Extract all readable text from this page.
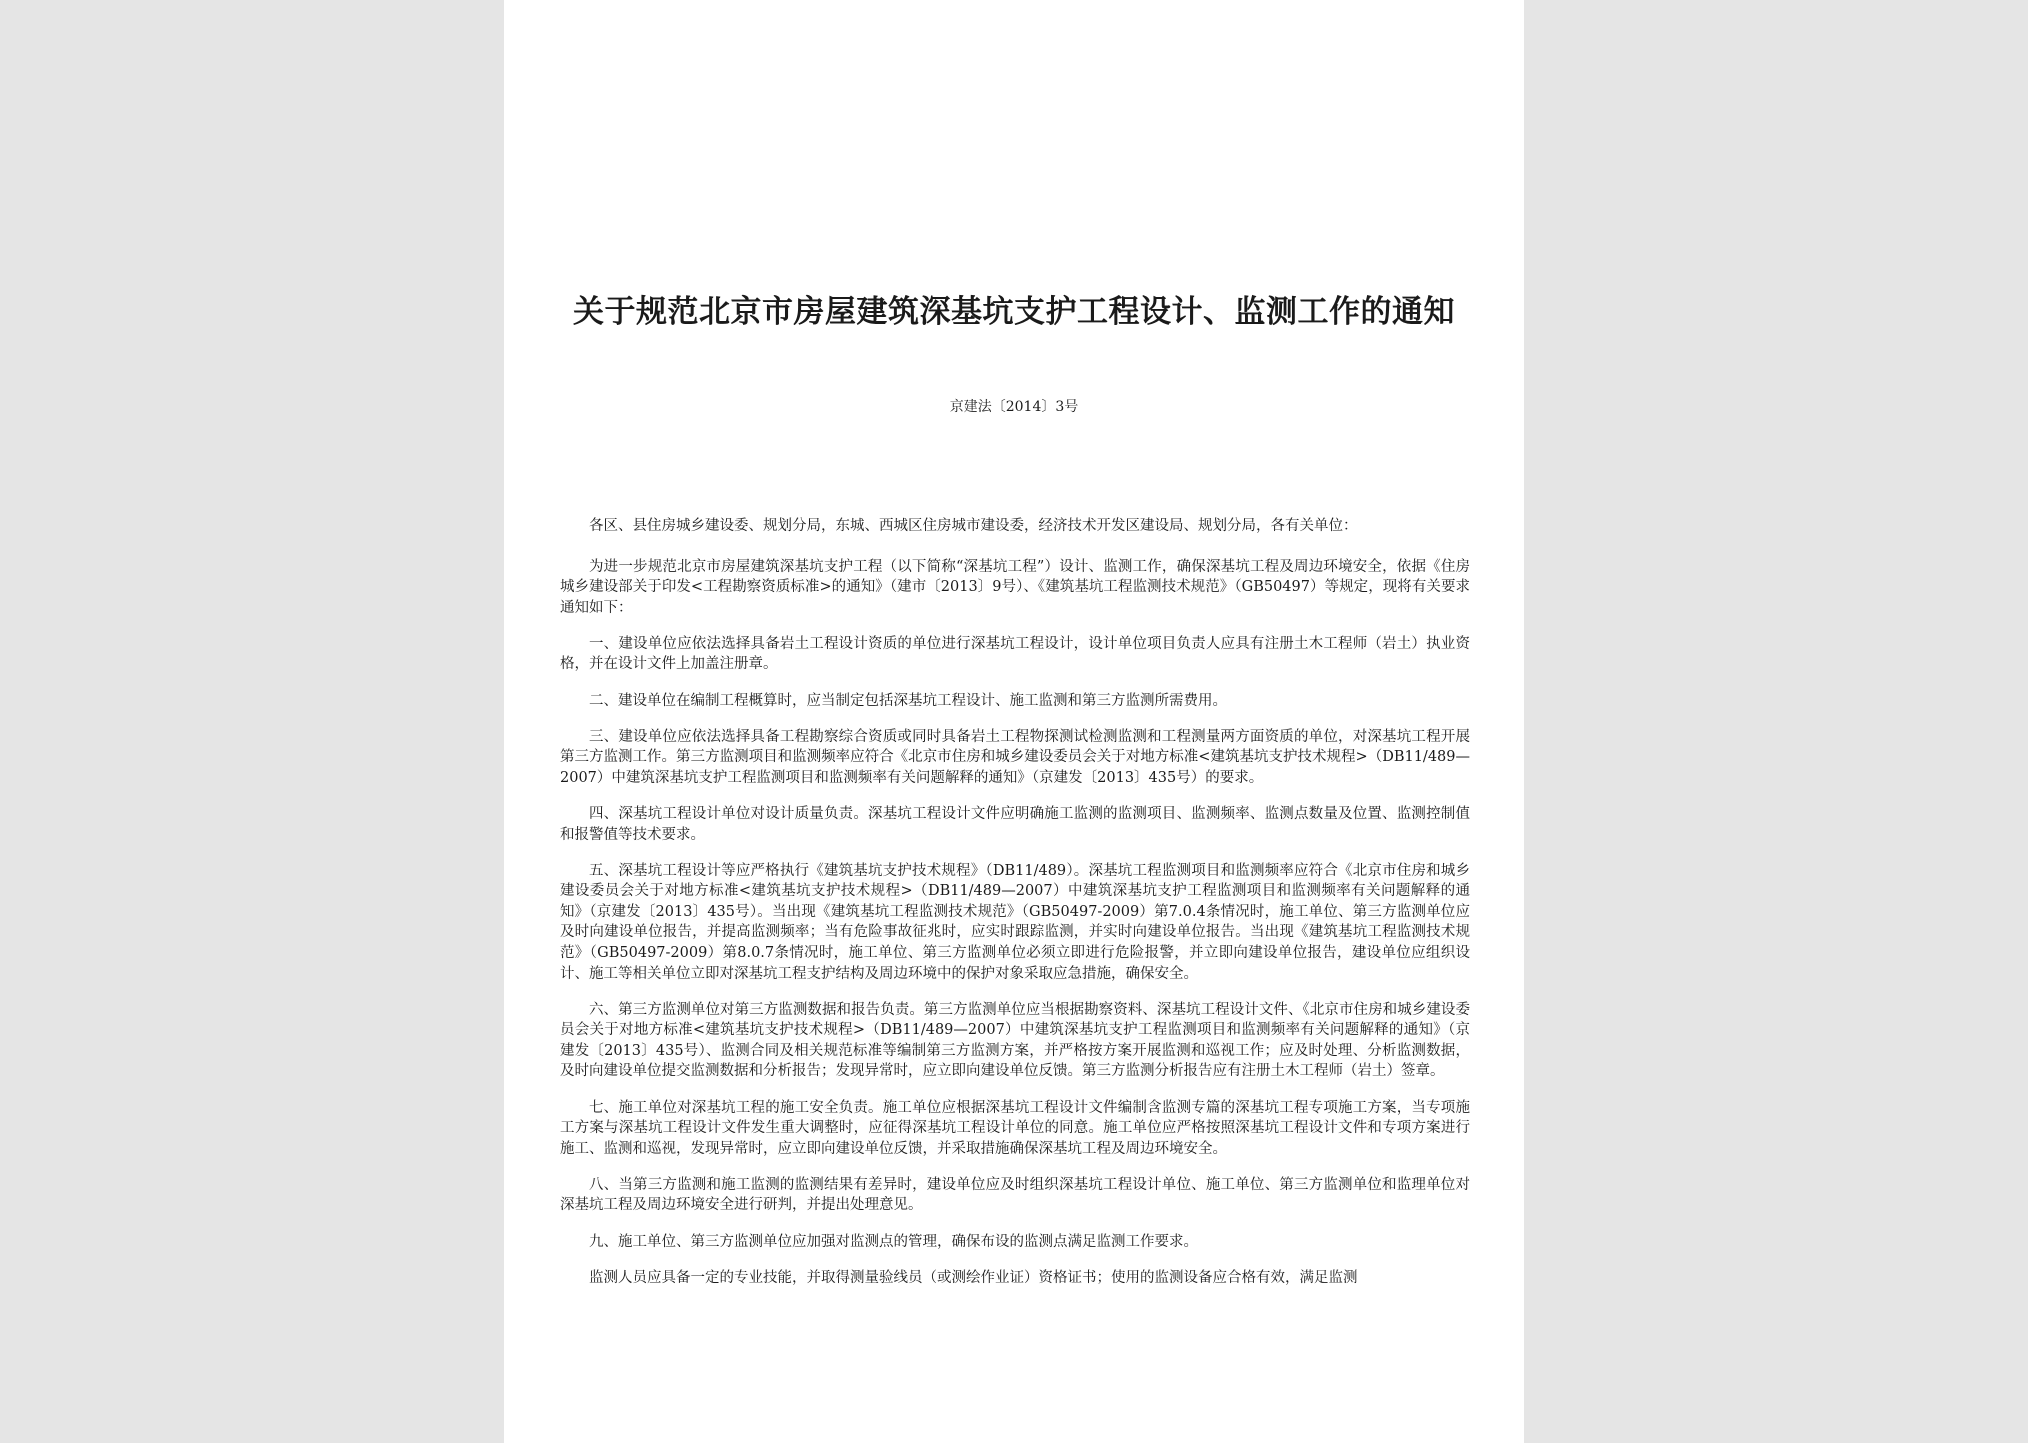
关于规范北京市房屋建筑深基坑支护工程设计、监测工作的通知
京建法〔2014〕3号

各区、县住房城乡建设委、规划分局，东城、西城区住房城市建设委，经济技术开发区建设局、规划分局，各有关单位：

为进一步规范北京市房屋建筑深基坑支护工程（以下简称“深基坑工程”）设计、监测工作，确保深基坑工程及周边环境安全，依据《住房城乡建设部关于印发<工程勘察资质标准>的通知》（建市〔2013〕9号）、《建筑基坑工程监测技术规范》（GB50497）等规定，现将有关要求通知如下：

一、建设单位应依法选择具备岩土工程设计资质的单位进行深基坑工程设计，设计单位项目负责人应具有注册土木工程师（岩土）执业资格，并在设计文件上加盖注册章。

二、建设单位在编制工程概算时，应当制定包括深基坑工程设计、施工监测和第三方监测所需费用。

三、建设单位应依法选择具备工程勘察综合资质或同时具备岩土工程物探测试检测监测和工程测量两方面资质的单位，对深基坑工程开展第三方监测工作。第三方监测项目和监测频率应符合《北京市住房和城乡建设委员会关于对地方标准<建筑基坑支护技术规程>（DB11/489—2007）中建筑深基坑支护工程监测项目和监测频率有关问题解释的通知》（京建发〔2013〕435号）的要求。

四、深基坑工程设计单位对设计质量负责。深基坑工程设计文件应明确施工监测的监测项目、监测频率、监测点数量及位置、监测控制值和报警值等技术要求。

五、深基坑工程设计等应严格执行《建筑基坑支护技术规程》（DB11/489）。深基坑工程监测项目和监测频率应符合《北京市住房和城乡建设委员会关于对地方标准<建筑基坑支护技术规程>（DB11/489—2007）中建筑深基坑支护工程监测项目和监测频率有关问题解释的通知》（京建发〔2013〕435号）。当出现《建筑基坑工程监测技术规范》（GB50497-2009）第7.0.4条情况时，施工单位、第三方监测单位应及时向建设单位报告，并提高监测频率；当有危险事故征兆时，应实时跟踪监测，并实时向建设单位报告。当出现《建筑基坑工程监测技术规范》（GB50497-2009）第8.0.7条情况时，施工单位、第三方监测单位必须立即进行危险报警，并立即向建设单位报告，建设单位应组织设计、施工等相关单位立即对深基坑工程支护结构及周边环境中的保护对象采取应急措施，确保安全。

六、第三方监测单位对第三方监测数据和报告负责。第三方监测单位应当根据勘察资料、深基坑工程设计文件、《北京市住房和城乡建设委员会关于对地方标准<建筑基坑支护技术规程>（DB11/489—2007）中建筑深基坑支护工程监测项目和监测频率有关问题解释的通知》（京建发〔2013〕435号）、监测合同及相关规范标准等编制第三方监测方案，并严格按方案开展监测和巡视工作；应及时处理、分析监测数据，及时向建设单位提交监测数据和分析报告；发现异常时，应立即向建设单位反馈。第三方监测分析报告应有注册土木工程师（岩土）签章。

七、施工单位对深基坑工程的施工安全负责。施工单位应根据深基坑工程设计文件编制含监测专篇的深基坑工程专项施工方案，当专项施工方案与深基坑工程设计文件发生重大调整时，应征得深基坑工程设计单位的同意。施工单位应严格按照深基坑工程设计文件和专项方案进行施工、监测和巡视，发现异常时，应立即向建设单位反馈，并采取措施确保深基坑工程及周边环境安全。

八、当第三方监测和施工监测的监测结果有差异时，建设单位应及时组织深基坑工程设计单位、施工单位、第三方监测单位和监理单位对深基坑工程及周边环境安全进行研判，并提出处理意见。

九、施工单位、第三方监测单位应加强对监测点的管理，确保布设的监测点满足监测工作要求。

监测人员应具备一定的专业技能，并取得测量验线员（或测绘作业证）资格证书；使用的监测设备应合格有效，满足监测
